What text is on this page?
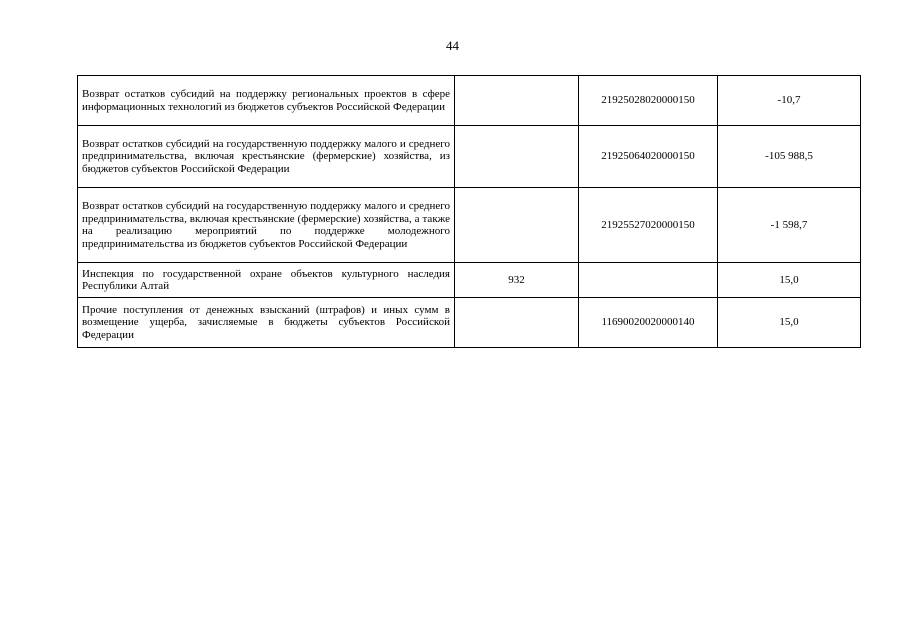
44
Возврат остатков субсидий на поддержку региональных проектов в сфере информационных технологий из бюджетов субъектов Российской Федерации		21925028020000150	-10,7
Возврат остатков субсидий на государственную поддержку малого и среднего предпринимательства, включая крестьянские (фермерские) хозяйства, из бюджетов субъектов Российской Федерации		21925064020000150	-105 988,5
Возврат остатков субсидий на государственную поддержку малого и среднего предпринимательства, включая крестьянские (фермерские) хозяйства, а также на реализацию мероприятий по поддержке молодежного предпринимательства из бюджетов субъектов Российской Федерации		21925527020000150	-1 598,7
Инспекция по государственной охране объектов культурного наследия Республики Алтай	932		15,0
Прочие поступления от денежных взысканий (штрафов) и иных сумм в возмещение ущерба, зачисляемые в бюджеты субъектов Российской Федерации		11690020020000140	15,0
